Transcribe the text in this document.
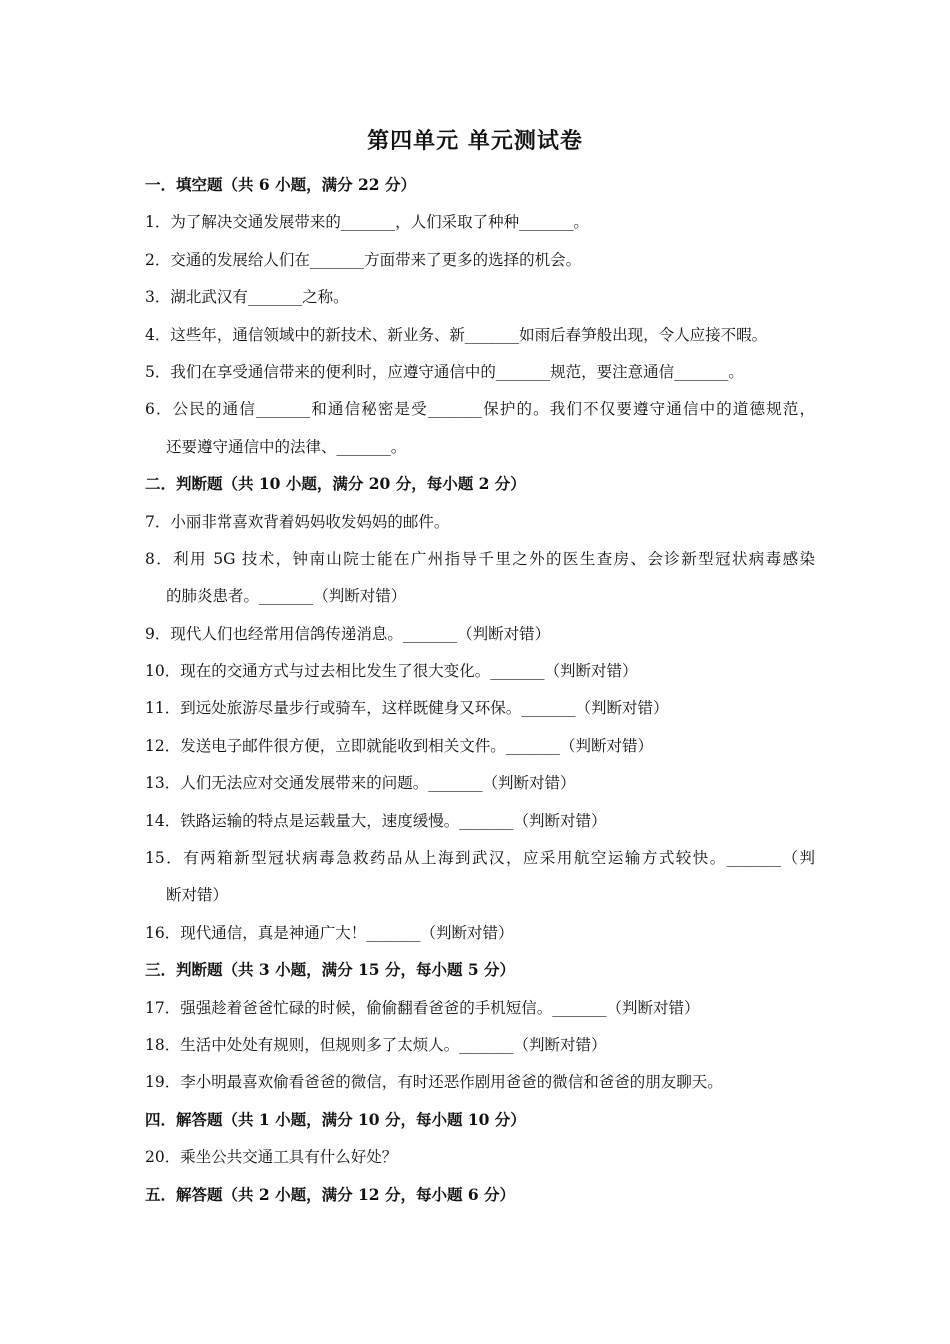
第四单元 单元测试卷
一．填空题（共 6 小题，满分 22 分）
1．为了解决交通发展带来的_______，人们采取了种种_______。
2．交通的发展给人们在_______方面带来了更多的选择的机会。
3．湖北武汉有_______之称。
4．这些年，通信领域中的新技术、新业务、新_______如雨后春笋般出现，令人应接不暇。
5．我们在享受通信带来的便利时，应遵守通信中的_______规范，要注意通信_______。
6．公民的通信_______和通信秘密是受_______保护的。我们不仅要遵守通信中的道德规范，
还要遵守通信中的法律、_______。
二．判断题（共 10 小题，满分 20 分，每小题 2 分）
7．小丽非常喜欢背着妈妈收发妈妈的邮件。
8．利用 5G 技术，钟南山院士能在广州指导千里之外的医生查房、会诊新型冠状病毒感染
的肺炎患者。_______（判断对错）
9．现代人们也经常用信鸽传递消息。_______（判断对错）
10．现在的交通方式与过去相比发生了很大变化。_______（判断对错）
11．到远处旅游尽量步行或骑车，这样既健身又环保。_______（判断对错）
12．发送电子邮件很方便，立即就能收到相关文件。_______（判断对错）
13．人们无法应对交通发展带来的问题。_______（判断对错）
14．铁路运输的特点是运载量大，速度缓慢。_______（判断对错）
15．有两箱新型冠状病毒急救药品从上海到武汉，应采用航空运输方式较快。_______（判
断对错）
16．现代通信，真是神通广大！_______（判断对错）
三．判断题（共 3 小题，满分 15 分，每小题 5 分）
17．强强趁着爸爸忙碌的时候，偷偷翻看爸爸的手机短信。_______（判断对错）
18．生活中处处有规则，但规则多了太烦人。_______（判断对错）
19．李小明最喜欢偷看爸爸的微信，有时还恶作剧用爸爸的微信和爸爸的朋友聊天。
四．解答题（共 1 小题，满分 10 分，每小题 10 分）
20．乘坐公共交通工具有什么好处？
五．解答题（共 2 小题，满分 12 分，每小题 6 分）
